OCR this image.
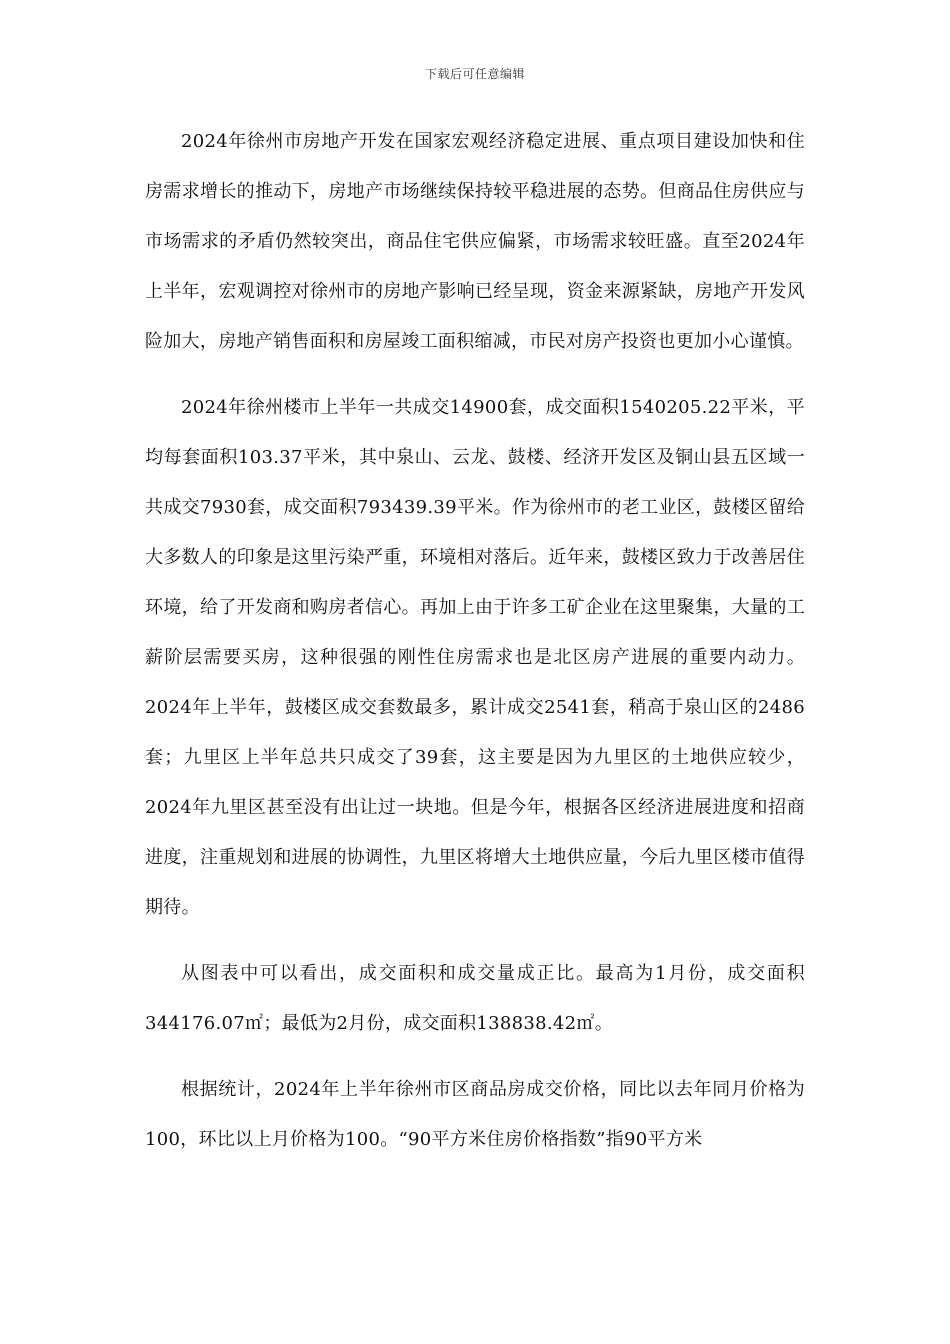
下载后可任意编辑

2024年徐州市房地产开发在国家宏观经济稳定进展、重点项目建设加快和住房需求增长的推动下，房地产市场继续保持较平稳进展的态势。但商品住房供应与市场需求的矛盾仍然较突出，商品住宅供应偏紧，市场需求较旺盛。直至2024年上半年，宏观调控对徐州市的房地产影响已经呈现，资金来源紧缺，房地产开发风险加大，房地产销售面积和房屋竣工面积缩减，市民对房产投资也更加小心谨慎。

2024年徐州楼市上半年一共成交14900套，成交面积1540205.22平米，平均每套面积103.37平米，其中泉山、云龙、鼓楼、经济开发区及铜山县五区域一共成交7930套，成交面积793439.39平米。作为徐州市的老工业区，鼓楼区留给大多数人的印象是这里污染严重，环境相对落后。近年来，鼓楼区致力于改善居住环境，给了开发商和购房者信心。再加上由于许多工矿企业在这里聚集，大量的工薪阶层需要买房，这种很强的刚性住房需求也是北区房产进展的重要内动力。2024年上半年，鼓楼区成交套数最多，累计成交2541套，稍高于泉山区的2486套；九里区上半年总共只成交了39套，这主要是因为九里区的土地供应较少，2024年九里区甚至没有出让过一块地。但是今年，根据各区经济进展进度和招商进度，注重规划和进展的协调性，九里区将增大土地供应量，今后九里区楼市值得期待。

从图表中可以看出，成交面积和成交量成正比。最高为1月份，成交面积344176.07㎡；最低为2月份，成交面积138838.42㎡。

根据统计，2024年上半年徐州市区商品房成交价格，同比以去年同月价格为100，环比以上月价格为100。“90平方米住房价格指数”指90平方米
